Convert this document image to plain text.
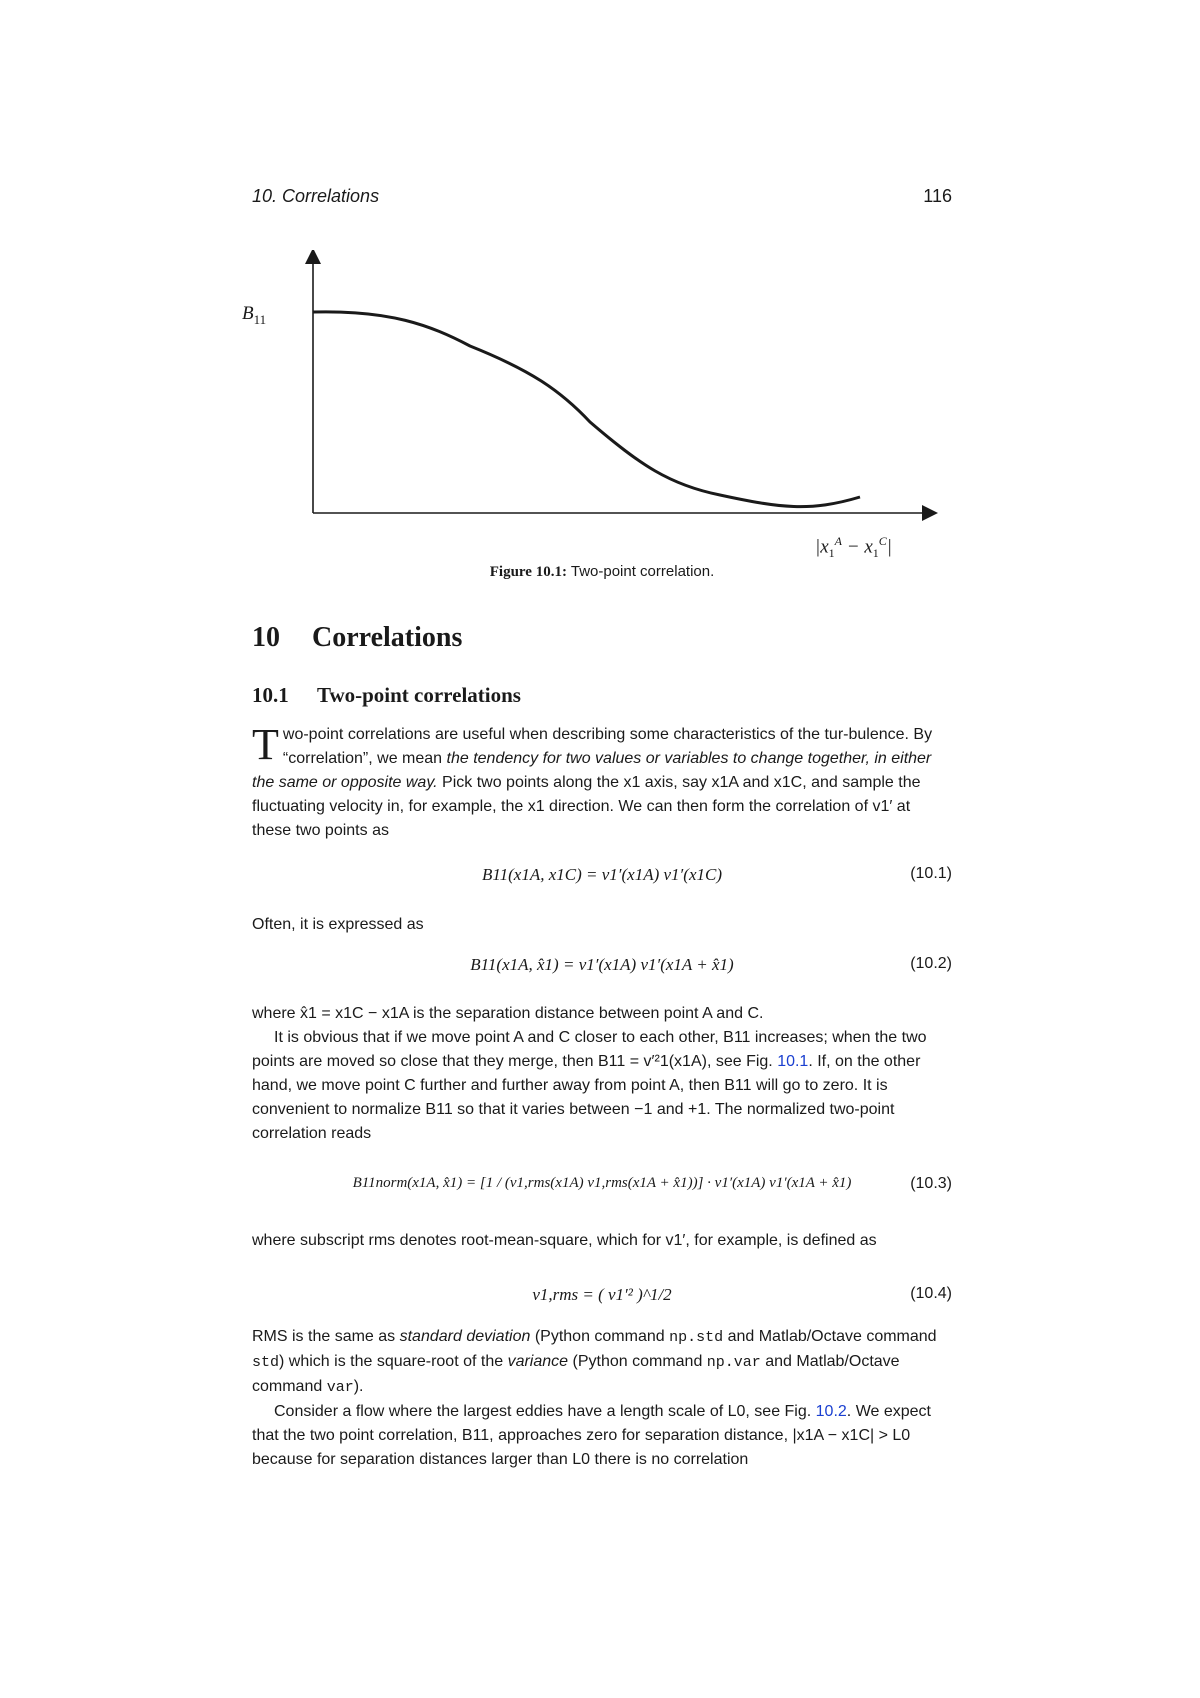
10. Correlations	116
$B_{11}$
$|x_1^A - x_1^C|$
Figure 10.1: Two-point correlation.
10 Correlations
10.1 Two-point correlations

Two-point correlations are useful when describing some characteristics of the tur-bulence. By “correlation”, we mean the tendency for two values or variables to change together, in either the same or opposite way. Pick two points along the x1 axis, say x1A and x1C, and sample the fluctuating velocity in, for example, the x1 direction. We can then form the correlation of v1′ at these two points as

B11(x1A, x1C) = v1′(x1A) v1′(x1C)	(10.1)

Often, it is expressed as

B11(x1A, x̂1) = v1′(x1A) v1′(x1A + x̂1)	(10.2)

where x̂1 = x1C − x1A is the separation distance between point A and C.

It is obvious that if we move point A and C closer to each other, B11 increases; when the two points are moved so close that they merge, then B11 = v′²1(x1A), see Fig. 10.1. If, on the other hand, we move point C further and further away from point A, then B11 will go to zero. It is convenient to normalize B11 so that it varies between −1 and +1. The normalized two-point correlation reads

B11norm(x1A, x̂1) = [1 / (v1,rms(x1A) v1,rms(x1A + x̂1))] · v1′(x1A) v1′(x1A + x̂1)	(10.3)

where subscript rms denotes root-mean-square, which for v1′, for example, is defined as

v1,rms = ( v1′² )^1/2	(10.4)

RMS is the same as standard deviation (Python command np.std and Matlab/Octave command std) which is the square-root of the variance (Python command np.var and Matlab/Octave command var).

Consider a flow where the largest eddies have a length scale of L0, see Fig. 10.2. We expect that the two point correlation, B11, approaches zero for separation distance, |x1A − x1C| > L0 because for separation distances larger than L0 there is no correlation
